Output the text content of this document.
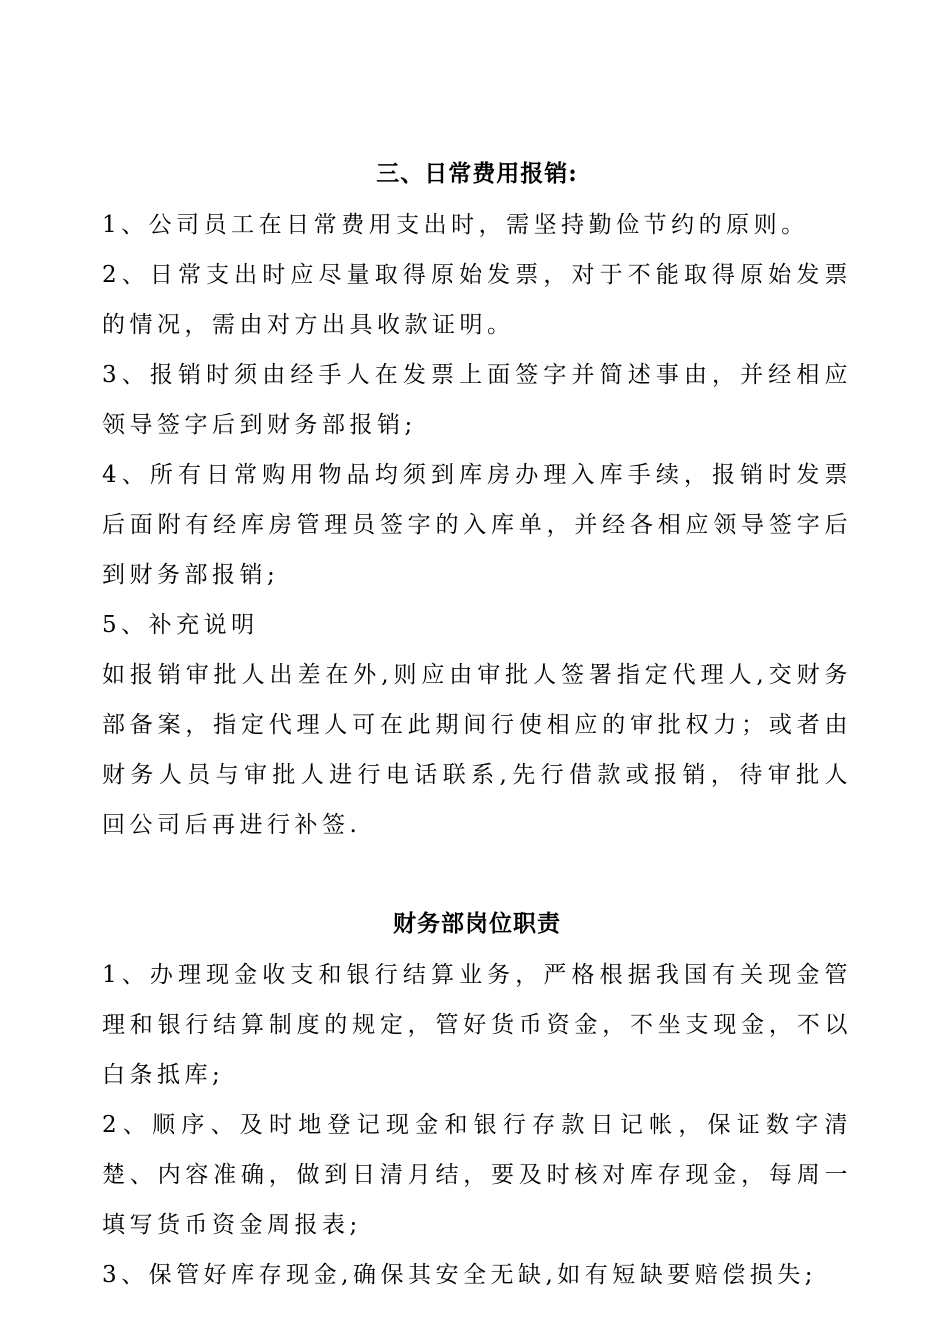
三、日常费用报销:

1、公司员工在日常费用支出时，需坚持勤俭节约的原则。

2、日常支出时应尽量取得原始发票，对于不能取得原始发票的情况，需由对方出具收款证明。

3、报销时须由经手人在发票上面签字并简述事由，并经相应领导签字后到财务部报销;

4、所有日常购用物品均须到库房办理入库手续，报销时发票后面附有经库房管理员签字的入库单，并经各相应领导签字后到财务部报销;

5、补充说明

如报销审批人出差在外,则应由审批人签署指定代理人,交财务部备案，指定代理人可在此期间行使相应的审批权力；或者由财务人员与审批人进行电话联系,先行借款或报销，待审批人回公司后再进行补签.

财务部岗位职责

1、办理现金收支和银行结算业务，严格根据我国有关现金管理和银行结算制度的规定，管好货币资金，不坐支现金，不以白条抵库;

2、顺序、及时地登记现金和银行存款日记帐，保证数字清楚、内容准确，做到日清月结，要及时核对库存现金，每周一填写货币资金周报表;

3、保管好库存现金,确保其安全无缺,如有短缺要赔偿损失;
